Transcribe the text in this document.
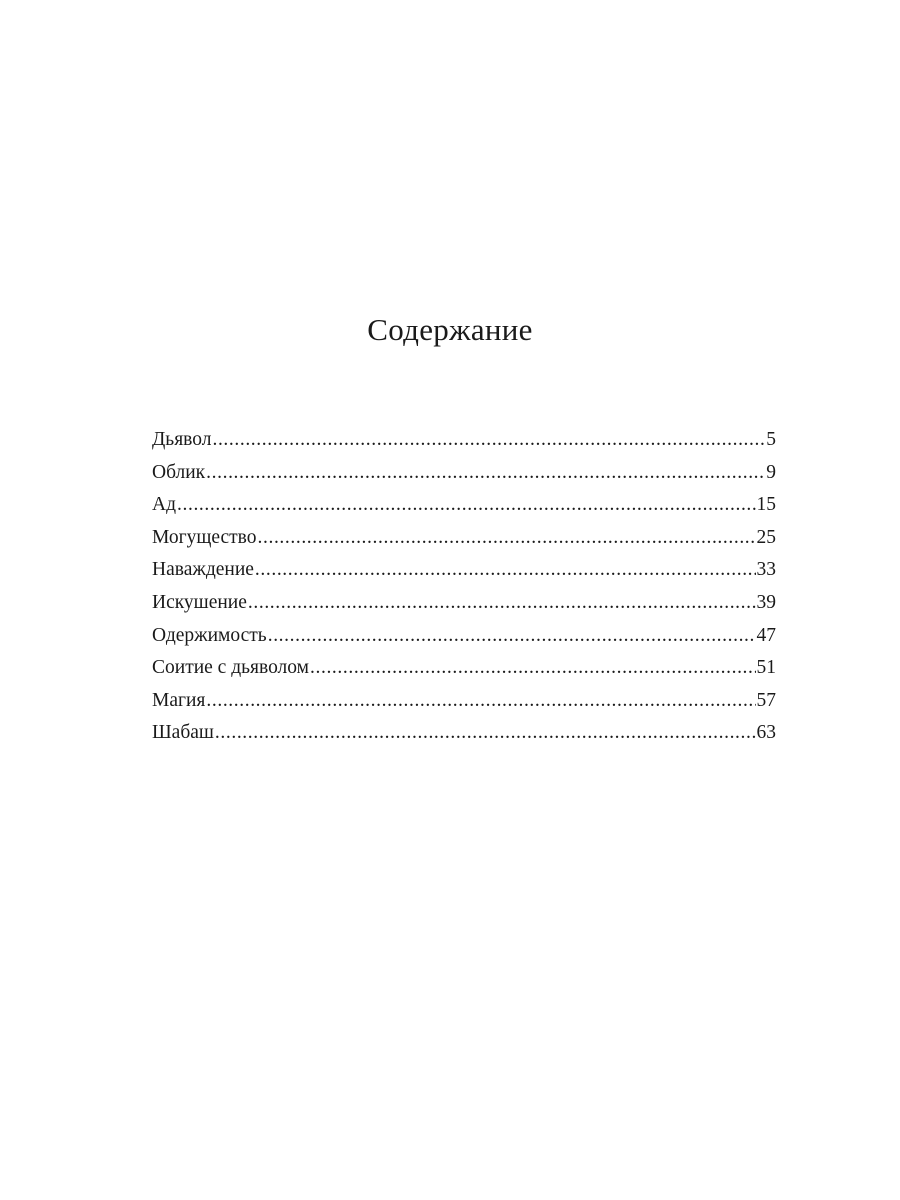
Содержание
Дьявол .....	5
Облик .....	9
Ад .....	15
Могущество .....	25
Наваждение .....	33
Искушение .....	39
Одержимость .....	47
Соитие с дьяволом .....	51
Магия .....	57
Шабаш .....	63
